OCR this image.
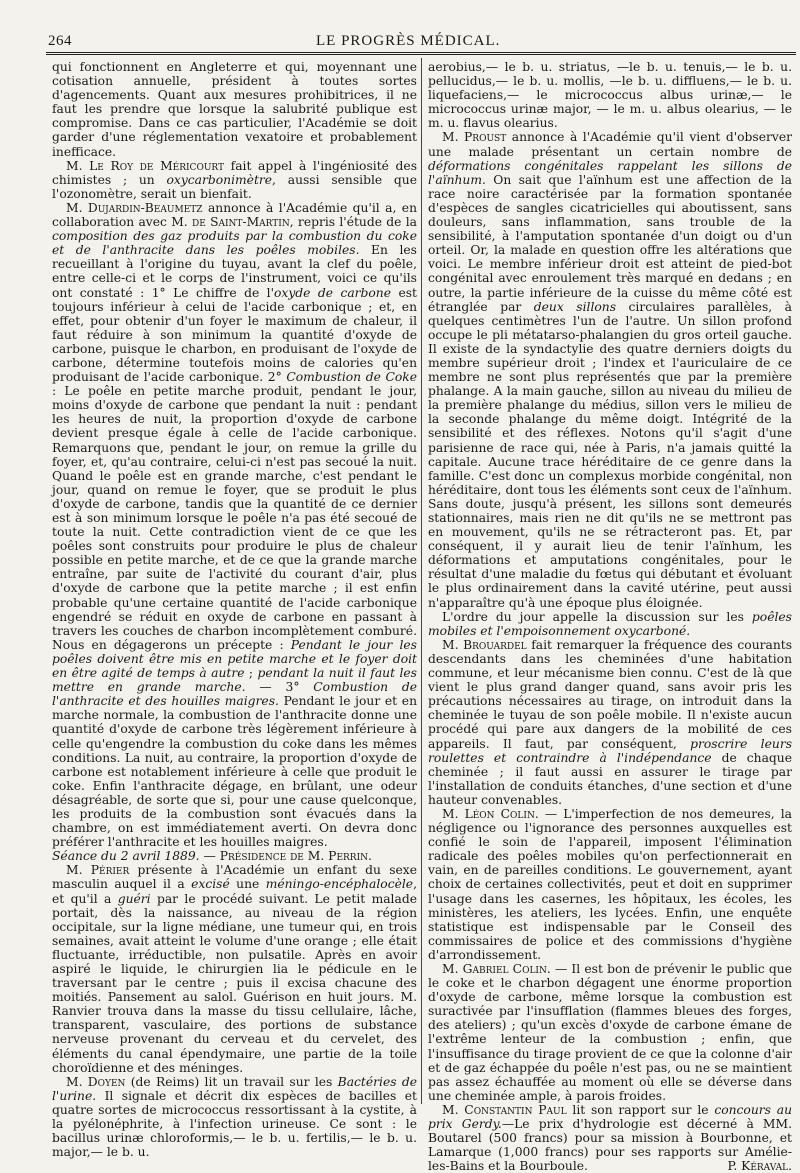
264	LE PROGRÈS MÉDICAL.

qui fonctionnent en Angleterre et qui, moyennant une cotisation annuelle, président à toutes sortes d'agencements. Quant aux mesures prohibitrices, il ne faut les prendre que lorsque la salubrité publique est compromise. Dans ce cas particulier, l'Académie se doit garder d'une réglementation vexatoire et probablement inefficace.

M. Le Roy de Méricourt fait appel à l'ingéniosité des chimistes ; un oxycarbonimètre, aussi sensible que l'ozonomètre, serait un bienfait.

M. Dujardin-Beaumetz annonce à l'Académie qu'il a, en collaboration avec M. de Saint-Martin, repris l'étude de la composition des gaz produits par la combustion du coke et de l'anthracite dans les poêles mobiles. En les recueillant à l'origine du tuyau, avant la clef du poêle, entre celle-ci et le corps de l'instrument, voici ce qu'ils ont constaté : 1° Le chiffre de l'oxyde de carbone est toujours inférieur à celui de l'acide carbonique ; et, en effet, pour obtenir d'un foyer le maximum de chaleur, il faut réduire à son minimum la quantité d'oxyde de carbone, puisque le charbon, en produisant de l'oxyde de carbone, détermine toutefois moins de calories qu'en produisant de l'acide carbonique. 2° Combustion de Coke : Le poêle en petite marche produit, pendant le jour, moins d'oxyde de carbone que pendant la nuit : pendant les heures de nuit, la proportion d'oxyde de carbone devient presque égale à celle de l'acide carbonique. Remarquons que, pendant le jour, on remue la grille du foyer, et, qu'au contraire, celui-ci n'est pas secoué la nuit. Quand le poêle est en grande marche, c'est pendant le jour, quand on remue le foyer, que se produit le plus d'oxyde de carbone, tandis que la quantité de ce dernier est à son minimum lorsque le poêle n'a pas été secoué de toute la nuit. Cette contradiction vient de ce que les poêles sont construits pour produire le plus de chaleur possible en petite marche, et de ce que la grande marche entraîne, par suite de l'activité du courant d'air, plus d'oxyde de carbone que la petite marche ; il est enfin probable qu'une certaine quantité de l'acide carbonique engendré se réduit en oxyde de carbone en passant à travers les couches de charbon incomplètement comburé. Nous en dégagerons un précepte : Pendant le jour les poêles doivent être mis en petite marche et le foyer doit en être agité de temps à autre ; pendant la nuit il faut les mettre en grande marche. — 3° Combustion de l'anthracite et des houilles maigres. Pendant le jour et en marche normale, la combustion de l'anthracite donne une quantité d'oxyde de carbone très légèrement inférieure à celle qu'engendre la combustion du coke dans les mêmes conditions. La nuit, au contraire, la proportion d'oxyde de carbone est notablement inférieure à celle que produit le coke. Enfin l'anthracite dégage, en brûlant, une odeur désagréable, de sorte que si, pour une cause quelconque, les produits de la combustion sont évacués dans la chambre, on est immédiatement averti. On devra donc préférer l'anthracite et les houilles maigres.

Séance du 2 avril 1889. — Présidence de M. Perrin.

M. Périer présente à l'Académie un enfant du sexe masculin auquel il a excisé une méningo-encéphalocèle, et qu'il a guéri par le procédé suivant. Le petit malade portait, dès la naissance, au niveau de la région occipitale, sur la ligne médiane, une tumeur qui, en trois semaines, avait atteint le volume d'une orange ; elle était fluctuante, irréductible, non pulsatile. Après en avoir aspiré le liquide, le chirurgien lia le pédicule en le traversant par le centre ; puis il excisa chacune des moitiés. Pansement au salol. Guérison en huit jours. M. Ranvier trouva dans la masse du tissu cellulaire, lâche, transparent, vasculaire, des portions de substance nerveuse provenant du cerveau et du cervelet, des éléments du canal épendymaire, une partie de la toile choroïdienne et des méninges.

M. Doyen (de Reims) lit un travail sur les Bactéries de l'urine. Il signale et décrit dix espèces de bacilles et quatre sortes de micrococcus ressortissant à la cystite, à la pyélonéphrite, à l'infection urineuse. Ce sont : le bacillus urinæ chloroformis,— le b. u. fertilis,— le b. u. major,— le b. u.

aerobius,— le b. u. striatus, —le b. u. tenuis,— le b. u. pellucidus,— le b. u. mollis, —le b. u. diffluens,— le b. u. liquefaciens,— le micrococcus albus urinæ,— le micrococcus urinæ major, — le m. u. albus olearius, — le m. u. flavus olearius.

M. Proust annonce à l'Académie qu'il vient d'observer une malade présentant un certain nombre de déformations congénitales rappelant les sillons de l'aïnhum. On sait que l'aïnhum est une affection de la race noire caractérisée par la formation spontanée d'espèces de sangles cicatricielles qui aboutissent, sans douleurs, sans inflammation, sans trouble de la sensibilité, à l'amputation spontanée d'un doigt ou d'un orteil. Or, la malade en question offre les altérations que voici. Le membre inférieur droit est atteint de pied-bot congénital avec enroulement très marqué en dedans ; en outre, la partie inférieure de la cuisse du même côté est étranglée par deux sillons circulaires parallèles, à quelques centimètres l'un de l'autre. Un sillon profond occupe le pli métatarso-phalangien du gros orteil gauche. Il existe de la syndactylie des quatre derniers doigts du membre supérieur droit ; l'index et l'auriculaire de ce membre ne sont plus représentés que par la première phalange. A la main gauche, sillon au niveau du milieu de la première phalange du médius, sillon vers le milieu de la seconde phalange du même doigt. Intégrité de la sensibilité et des réflexes. Notons qu'il s'agit d'une parisienne de race qui, née à Paris, n'a jamais quitté la capitale. Aucune trace héréditaire de ce genre dans la famille. C'est donc un complexus morbide congénital, non héréditaire, dont tous les éléments sont ceux de l'aïnhum. Sans doute, jusqu'à présent, les sillons sont demeurés stationnaires, mais rien ne dit qu'ils ne se mettront pas en mouvement, qu'ils ne se rétracteront pas. Et, par conséquent, il y aurait lieu de tenir l'aïnhum, les déformations et amputations congénitales, pour le résultat d'une maladie du fœtus qui débutant et évoluant le plus ordinairement dans la cavité utérine, peut aussi n'apparaître qu'à une époque plus éloignée.

L'ordre du jour appelle la discussion sur les poêles mobiles et l'empoisonnement oxycarboné.

M. Brouardel fait remarquer la fréquence des courants descendants dans les cheminées d'une habitation commune, et leur mécanisme bien connu. C'est de là que vient le plus grand danger quand, sans avoir pris les précautions nécessaires au tirage, on introduit dans la cheminée le tuyau de son poêle mobile. Il n'existe aucun procédé qui pare aux dangers de la mobilité de ces appareils. Il faut, par conséquent, proscrire leurs roulettes et contraindre à l'indépendance de chaque cheminée ; il faut aussi en assurer le tirage par l'installation de conduits étanches, d'une section et d'une hauteur convenables.

M. Léon Colin. — L'imperfection de nos demeures, la négligence ou l'ignorance des personnes auxquelles est confié le soin de l'appareil, imposent l'élimination radicale des poêles mobiles qu'on perfectionnerait en vain, en de pareilles conditions. Le gouvernement, ayant choix de certaines collectivités, peut et doit en supprimer l'usage dans les casernes, les hôpitaux, les écoles, les ministères, les ateliers, les lycées. Enfin, une enquête statistique est indispensable par le Conseil des commissaires de police et des commissions d'hygiène d'arrondissement.

M. Gabriel Colin. — Il est bon de prévenir le public que le coke et le charbon dégagent une énorme proportion d'oxyde de carbone, même lorsque la combustion est suractivée par l'insufflation (flammes bleues des forges, des ateliers) ; qu'un excès d'oxyde de carbone émane de l'extrême lenteur de la combustion ; enfin, que l'insuffisance du tirage provient de ce que la colonne d'air et de gaz échappée du poêle n'est pas, ou ne se maintient pas assez échauffée au moment où elle se déverse dans une cheminée ample, à parois froides.

M. Constantin Paul lit son rapport sur le concours au prix Gerdy.—Le prix d'hydrologie est décerné à MM. Boutarel (500 francs) pour sa mission à Bourbonne, et Lamarque (1,000 francs) pour ses rapports sur Amélie-les-Bains et la Bourboule.	P. Kéraval.
